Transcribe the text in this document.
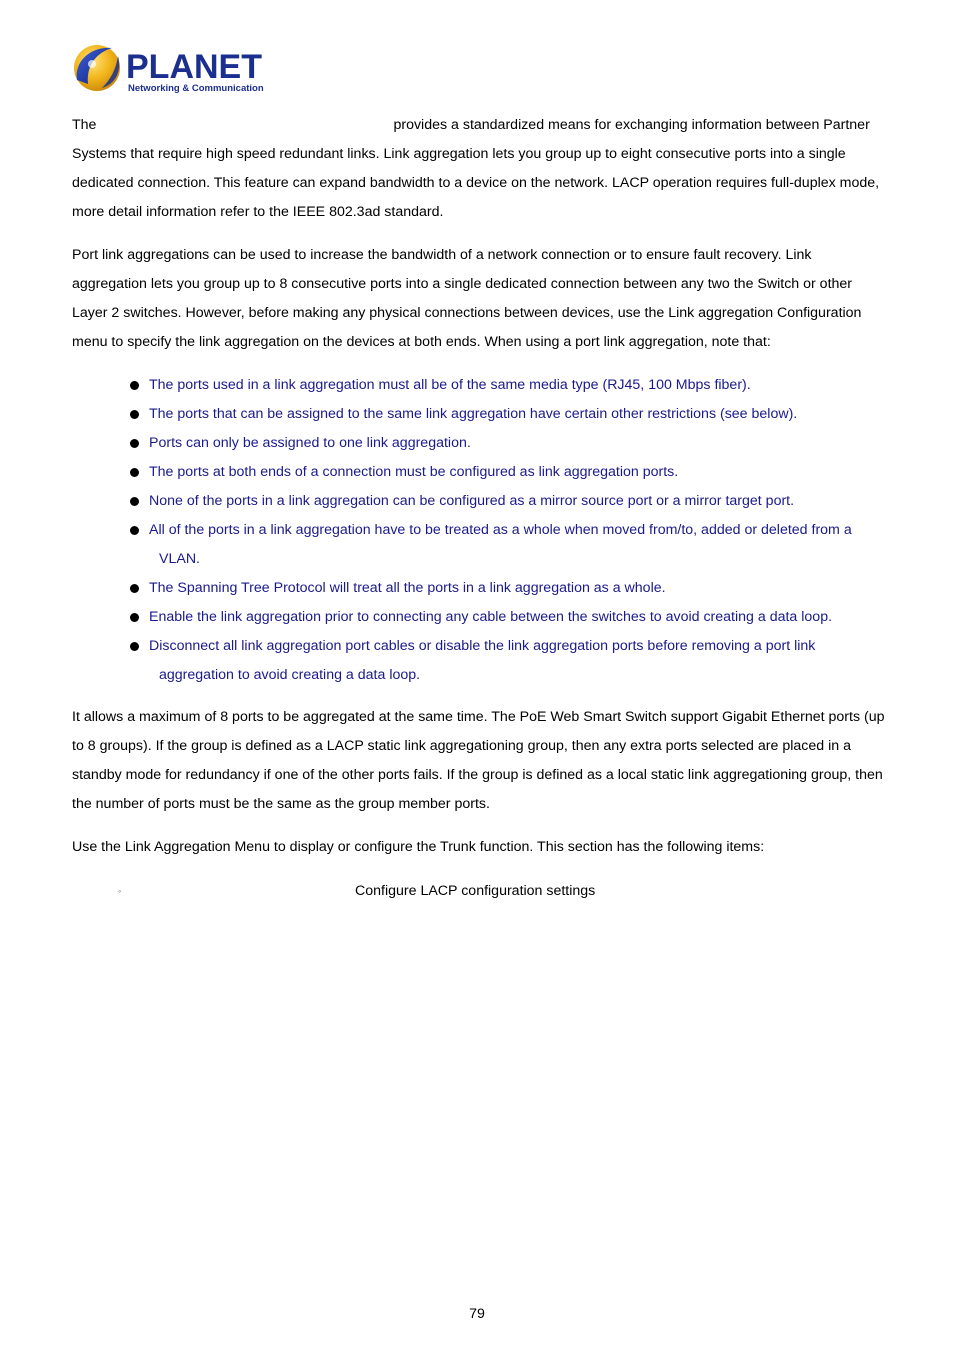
PLANET
Networking & Communication

The	provides a standardized means for exchanging information between Partner
Systems that require high speed redundant links. Link aggregation lets you group up to eight consecutive ports into a single dedicated connection. This feature can expand bandwidth to a device on the network. LACP operation requires full-duplex mode, more detail information refer to the IEEE 802.3ad standard.

Port link aggregations can be used to increase the bandwidth of a network connection or to ensure fault recovery. Link aggregation lets you group up to 8 consecutive ports into a single dedicated connection between any two the Switch or other Layer 2 switches. However, before making any physical connections between devices, use the Link aggregation Configuration menu to specify the link aggregation on the devices at both ends. When using a port link aggregation, note that:

The ports used in a link aggregation must all be of the same media type (RJ45, 100 Mbps fiber).
The ports that can be assigned to the same link aggregation have certain other restrictions (see below).
Ports can only be assigned to one link aggregation.
The ports at both ends of a connection must be configured as link aggregation ports.
None of the ports in a link aggregation can be configured as a mirror source port or a mirror target port.
All of the ports in a link aggregation have to be treated as a whole when moved from/to, added or deleted from a
VLAN.
The Spanning Tree Protocol will treat all the ports in a link aggregation as a whole.
Enable the link aggregation prior to connecting any cable between the switches to avoid creating a data loop.
Disconnect all link aggregation port cables or disable the link aggregation ports before removing a port link
aggregation to avoid creating a data loop.

It allows a maximum of 8 ports to be aggregated at the same time. The PoE Web Smart Switch support Gigabit Ethernet ports (up to 8 groups). If the group is defined as a LACP static link aggregationing group, then any extra ports selected are placed in a standby mode for redundancy if one of the other ports fails. If the group is defined as a local static link aggregationing group, then the number of ports must be the same as the group member ports.

Use the Link Aggregation Menu to display or configure the Trunk function. This section has the following items:

◦	Configure LACP configuration settings
79
